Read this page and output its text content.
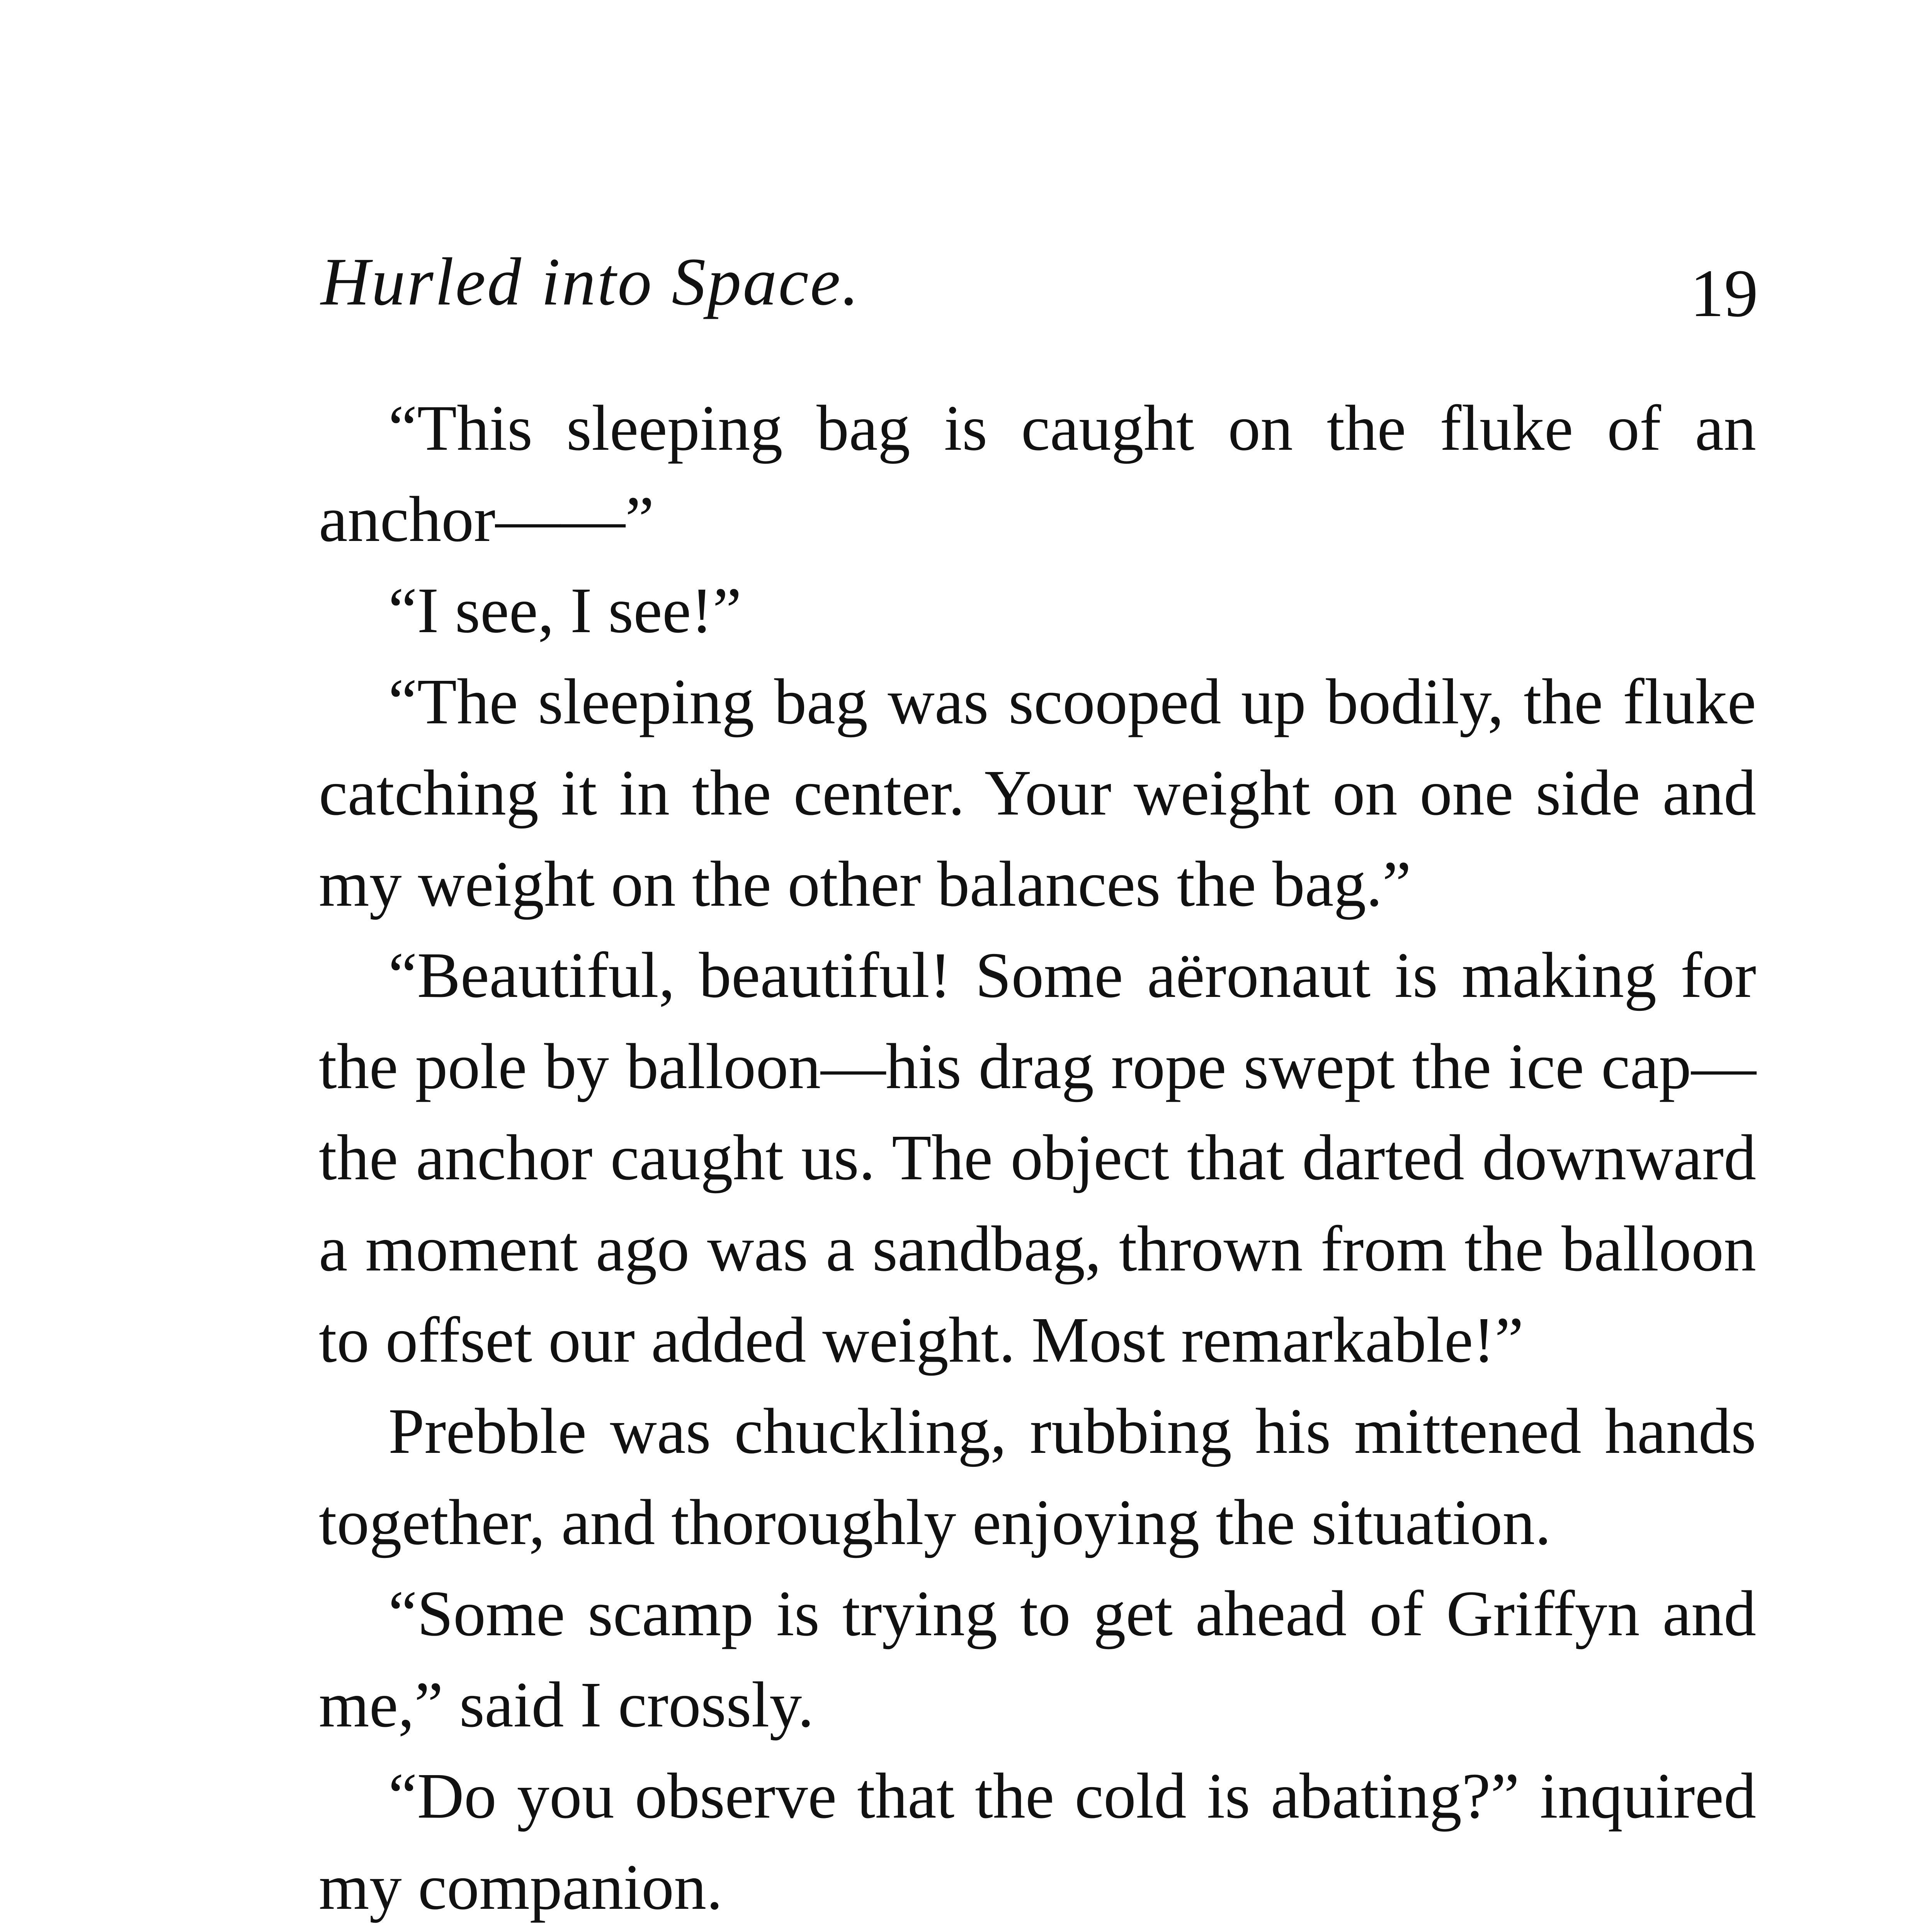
Hurled into Space.	19

“This sleeping bag is caught on the fluke of an anchor——”

“I see, I see!”

“The sleeping bag was scooped up bodily, the fluke catching it in the center. Your weight on one side and my weight on the other balances the bag.”

“Beautiful, beautiful! Some aëronaut is making for the pole by balloon—his drag rope swept the ice cap—the anchor caught us. The object that darted downward a moment ago was a sandbag, thrown from the balloon to offset our added weight. Most remarkable!”

Prebble was chuckling, rubbing his mittened hands together, and thoroughly enjoying the situation.

“Some scamp is trying to get ahead of Griffyn and me,” said I crossly.

“Do you observe that the cold is abating?” inquired my companion.
